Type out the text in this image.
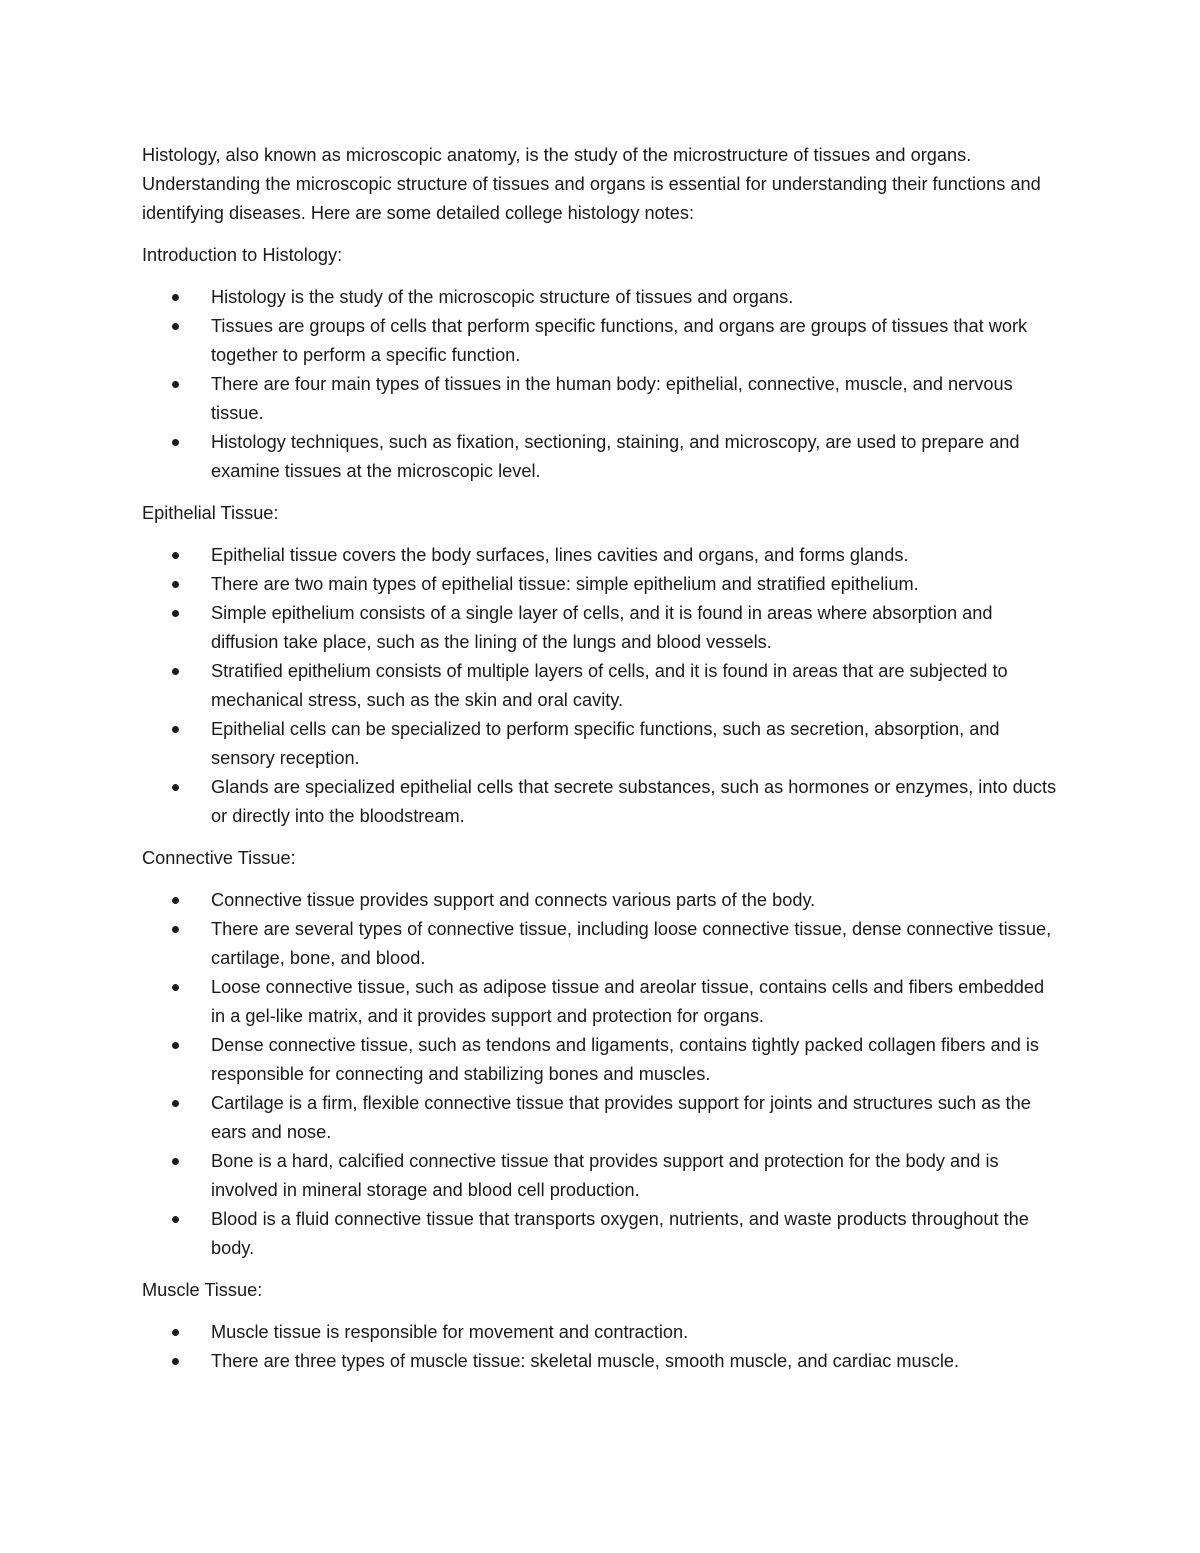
Histology, also known as microscopic anatomy, is the study of the microstructure of tissues and organs. Understanding the microscopic structure of tissues and organs is essential for understanding their functions and identifying diseases. Here are some detailed college histology notes:

Introduction to Histology:

Histology is the study of the microscopic structure of tissues and organs.
Tissues are groups of cells that perform specific functions, and organs are groups of tissues that work together to perform a specific function.
There are four main types of tissues in the human body: epithelial, connective, muscle, and nervous tissue.
Histology techniques, such as fixation, sectioning, staining, and microscopy, are used to prepare and examine tissues at the microscopic level.

Epithelial Tissue:

Epithelial tissue covers the body surfaces, lines cavities and organs, and forms glands.
There are two main types of epithelial tissue: simple epithelium and stratified epithelium.
Simple epithelium consists of a single layer of cells, and it is found in areas where absorption and diffusion take place, such as the lining of the lungs and blood vessels.
Stratified epithelium consists of multiple layers of cells, and it is found in areas that are subjected to mechanical stress, such as the skin and oral cavity.
Epithelial cells can be specialized to perform specific functions, such as secretion, absorption, and sensory reception.
Glands are specialized epithelial cells that secrete substances, such as hormones or enzymes, into ducts or directly into the bloodstream.

Connective Tissue:

Connective tissue provides support and connects various parts of the body.
There are several types of connective tissue, including loose connective tissue, dense connective tissue, cartilage, bone, and blood.
Loose connective tissue, such as adipose tissue and areolar tissue, contains cells and fibers embedded in a gel-like matrix, and it provides support and protection for organs.
Dense connective tissue, such as tendons and ligaments, contains tightly packed collagen fibers and is responsible for connecting and stabilizing bones and muscles.
Cartilage is a firm, flexible connective tissue that provides support for joints and structures such as the ears and nose.
Bone is a hard, calcified connective tissue that provides support and protection for the body and is involved in mineral storage and blood cell production.
Blood is a fluid connective tissue that transports oxygen, nutrients, and waste products throughout the body.

Muscle Tissue:

Muscle tissue is responsible for movement and contraction.
There are three types of muscle tissue: skeletal muscle, smooth muscle, and cardiac muscle.
